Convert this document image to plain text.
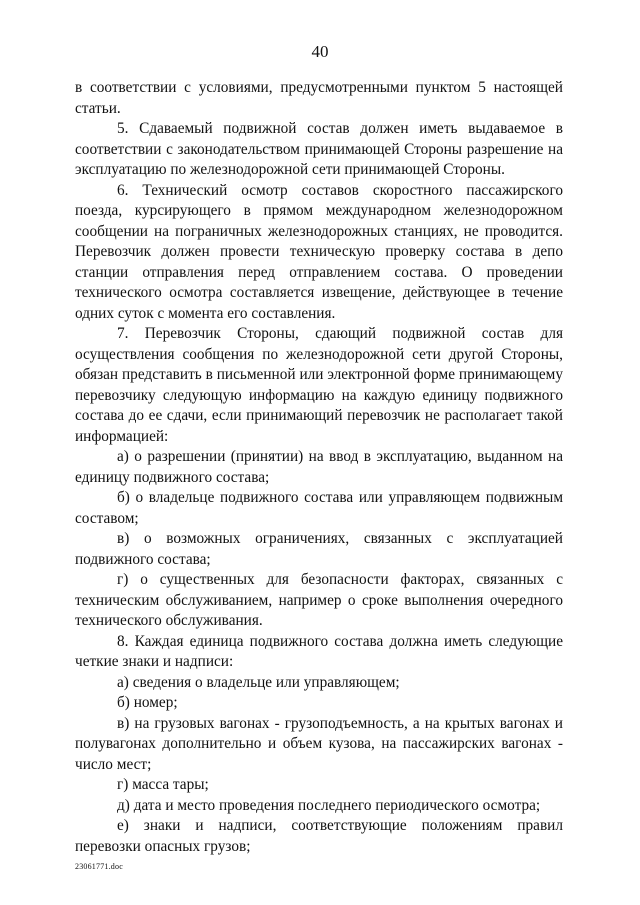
40

в соответствии с условиями, предусмотренными пунктом 5 настоящей статьи.

5. Сдаваемый подвижной состав должен иметь выдаваемое в соответствии с законодательством принимающей Стороны разрешение на эксплуатацию по железнодорожной сети принимающей Стороны.

6. Технический осмотр составов скоростного пассажирского поезда, курсирующего в прямом международном железнодорожном сообщении на пограничных железнодорожных станциях, не проводится. Перевозчик должен провести техническую проверку состава в депо станции отправления перед отправлением состава. О проведении технического осмотра составляется извещение, действующее в течение одних суток с момента его составления.

7. Перевозчик Стороны, сдающий подвижной состав для осуществления сообщения по железнодорожной сети другой Стороны, обязан представить в письменной или электронной форме принимающему перевозчику следующую информацию на каждую единицу подвижного состава до ее сдачи, если принимающий перевозчик не располагает такой информацией:

а) о разрешении (принятии) на ввод в эксплуатацию, выданном на единицу подвижного состава;

б) о владельце подвижного состава или управляющем подвижным составом;

в) о возможных ограничениях, связанных с эксплуатацией подвижного состава;

г) о существенных для безопасности факторах, связанных с техническим обслуживанием, например о сроке выполнения очередного технического обслуживания.

8. Каждая единица подвижного состава должна иметь следующие четкие знаки и надписи:

а) сведения о владельце или управляющем;

б) номер;

в) на грузовых вагонах - грузоподъемность, а на крытых вагонах и полувагонах дополнительно и объем кузова, на пассажирских вагонах - число мест;

г) масса тары;

д) дата и место проведения последнего периодического осмотра;

е) знаки и надписи, соответствующие положениям правил перевозки опасных грузов;

23061771.doc
